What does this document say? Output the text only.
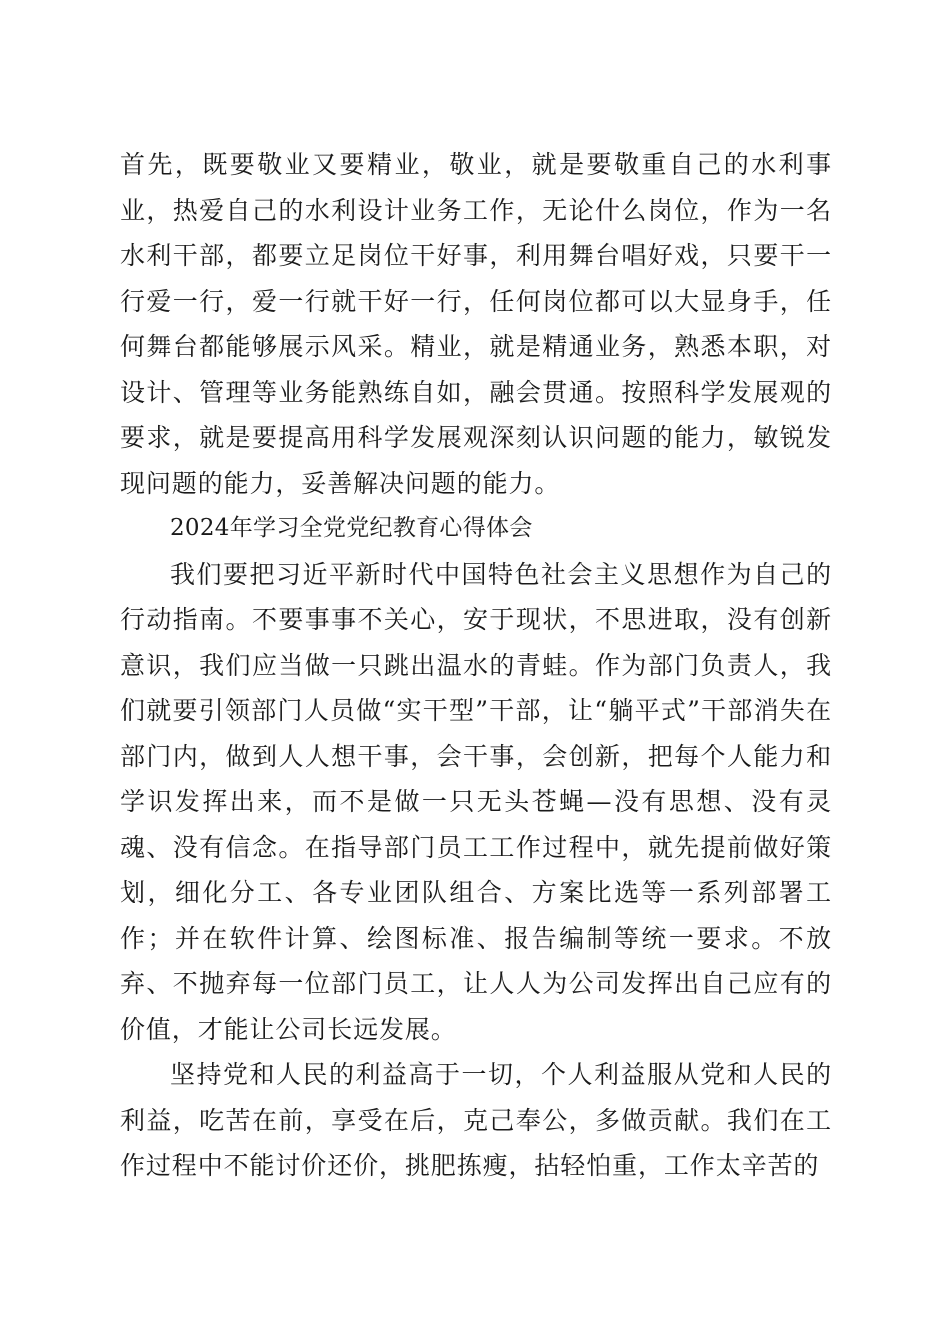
首先，既要敬业又要精业，敬业，就是要敬重自己的水利事业，热爱自己的水利设计业务工作，无论什么岗位，作为一名水利干部，都要立足岗位干好事，利用舞台唱好戏，只要干一行爱一行，爱一行就干好一行，任何岗位都可以大显身手，任何舞台都能够展示风采。精业，就是精通业务，熟悉本职，对设计、管理等业务能熟练自如，融会贯通。按照科学发展观的要求，就是要提高用科学发展观深刻认识问题的能力，敏锐发现问题的能力，妥善解决问题的能力。

2024年学习全党党纪教育心得体会

我们要把习近平新时代中国特色社会主义思想作为自己的行动指南。不要事事不关心，安于现状，不思进取，没有创新意识，我们应当做一只跳出温水的青蛙。作为部门负责人，我们就要引领部门人员做“实干型”干部，让“躺平式”干部消失在部门内，做到人人想干事，会干事，会创新，把每个人能力和学识发挥出来，而不是做一只无头苍蝇—没有思想、没有灵魂、没有信念。在指导部门员工工作过程中，就先提前做好策划，细化分工、各专业团队组合、方案比选等一系列部署工作；并在软件计算、绘图标准、报告编制等统一要求。不放弃、不抛弃每一位部门员工，让人人为公司发挥出自己应有的价值，才能让公司长远发展。

坚持党和人民的利益高于一切，个人利益服从党和人民的利益，吃苦在前，享受在后，克己奉公，多做贡献。我们在工作过程中不能讨价还价，挑肥拣瘦，拈轻怕重，工作太辛苦的
